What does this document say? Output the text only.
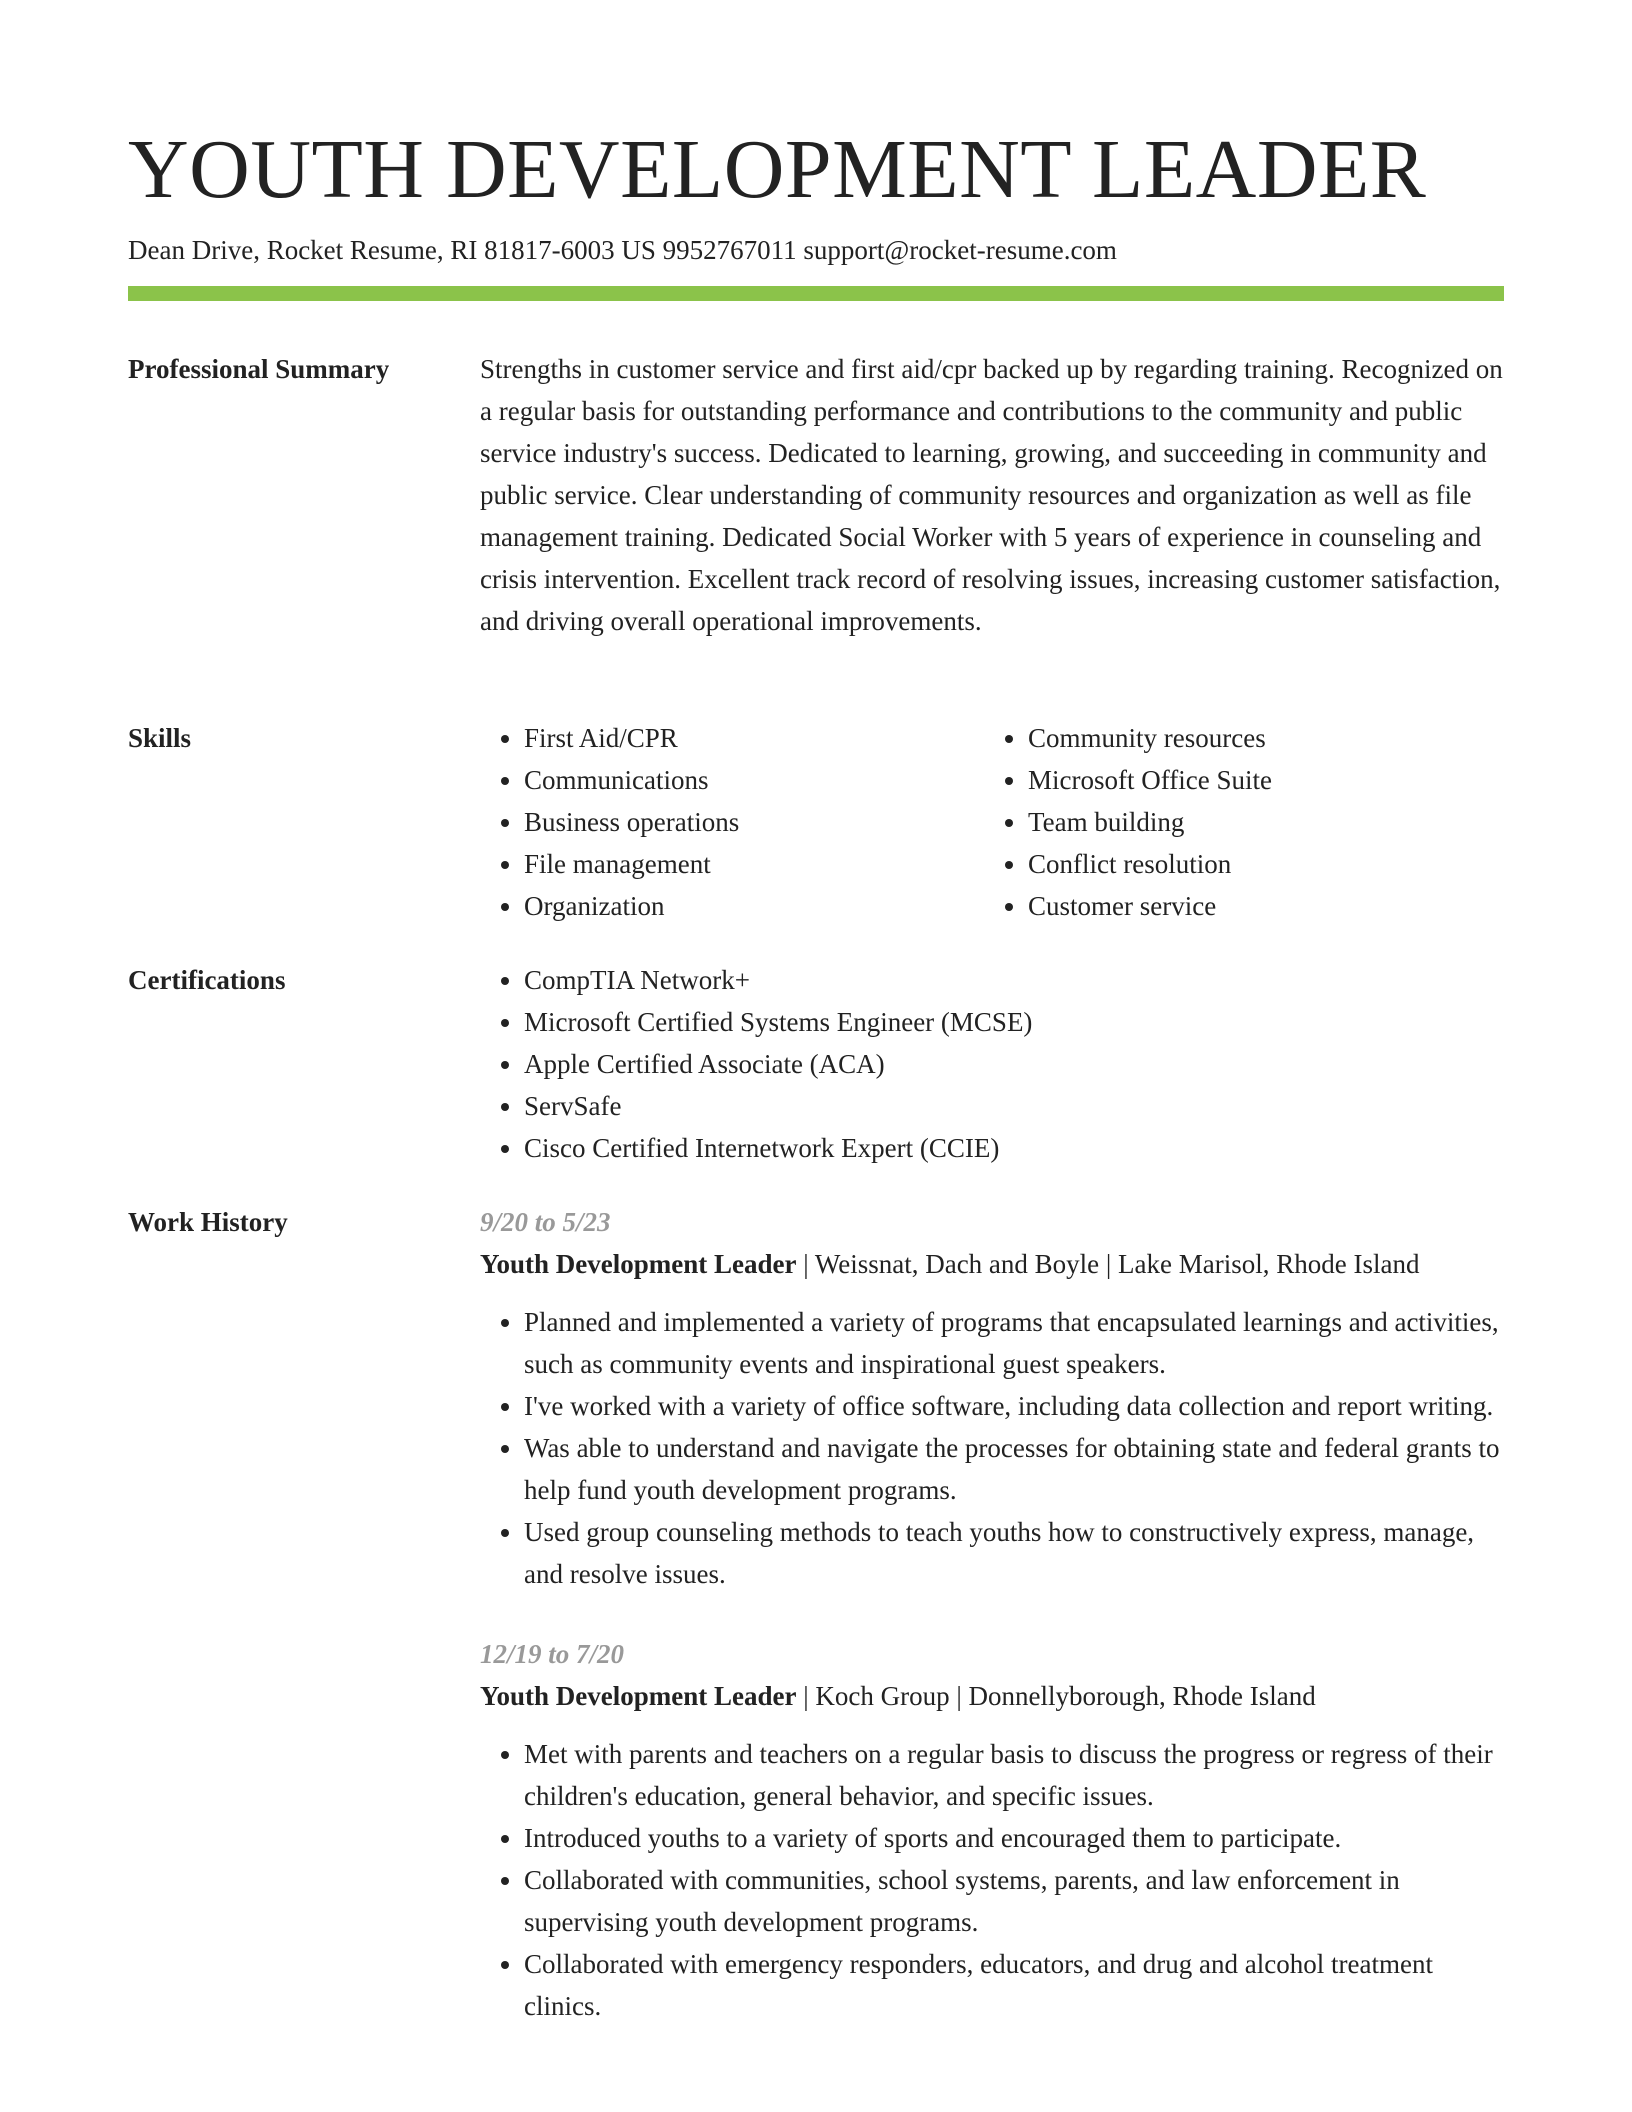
YOUTH DEVELOPMENT LEADER
Dean Drive, Rocket Resume, RI 81817-6003 US 9952767011 support@rocket-resume.com
Professional Summary	Strengths in customer service and first aid/cpr backed up by regarding training. Recognized on a regular basis for outstanding performance and contributions to the community and public service industry's success. Dedicated to learning, growing, and succeeding in community and public service. Clear understanding of community resources and organization as well as file management training. Dedicated Social Worker with 5 years of experience in counseling and crisis intervention. Excellent track record of resolving issues, increasing customer satisfaction, and driving overall operational improvements.

Skills	• First Aid/CPR
• Communications
• Business operations
• File management
• Organization
• Community resources
• Microsoft Office Suite
• Team building
• Conflict resolution
• Customer service
Certifications	• CompTIA Network+
• Microsoft Certified Systems Engineer (MCSE)
• Apple Certified Associate (ACA)
• ServSafe
• Cisco Certified Internetwork Expert (CCIE)
Work History	9/20 to 5/23
Youth Development Leader | Weissnat, Dach and Boyle | Lake Marisol, Rhode Island
• Planned and implemented a variety of programs that encapsulated learnings and activities, such as community events and inspirational guest speakers.
• I've worked with a variety of office software, including data collection and report writing.
• Was able to understand and navigate the processes for obtaining state and federal grants to help fund youth development programs.
• Used group counseling methods to teach youths how to constructively express, manage, and resolve issues.
12/19 to 7/20
Youth Development Leader | Koch Group | Donnellyborough, Rhode Island
• Met with parents and teachers on a regular basis to discuss the progress or regress of their children's education, general behavior, and specific issues.
• Introduced youths to a variety of sports and encouraged them to participate.
• Collaborated with communities, school systems, parents, and law enforcement in supervising youth development programs.
• Collaborated with emergency responders, educators, and drug and alcohol treatment clinics.
